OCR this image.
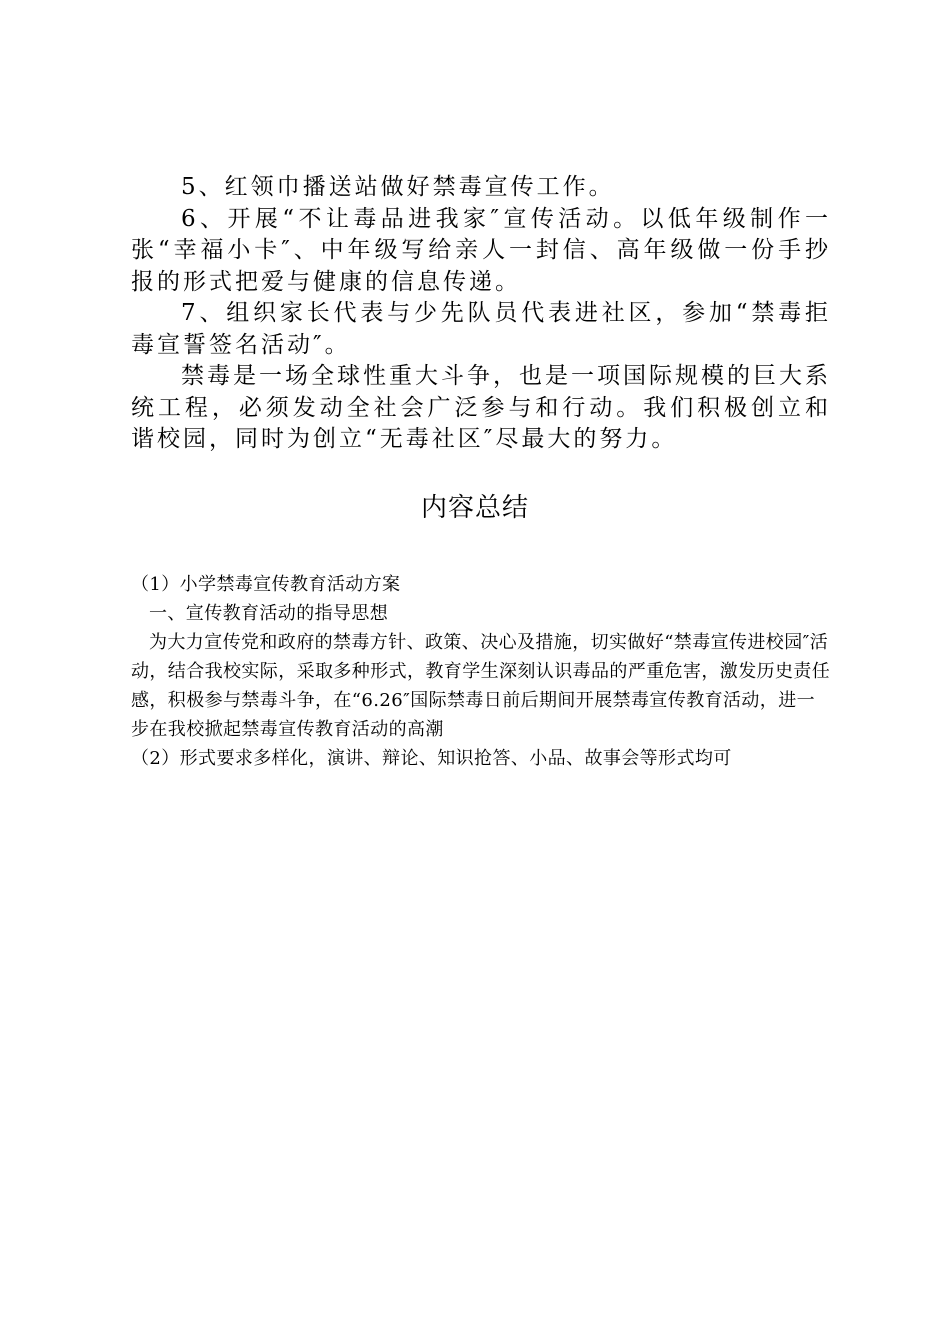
5、红领巾播送站做好禁毒宣传工作。

6、开展“不让毒品进我家″宣传活动。以低年级制作一张“幸福小卡″、中年级写给亲人一封信、高年级做一份手抄报的形式把爱与健康的信息传递。

7、组织家长代表与少先队员代表进社区，参加“禁毒拒毒宣誓签名活动″。

禁毒是一场全球性重大斗争，也是一项国际规模的巨大系统工程，必须发动全社会广泛参与和行动。我们积极创立和谐校园，同时为创立“无毒社区″尽最大的努力。

内容总结

（1）小学禁毒宣传教育活动方案

一、宣传教育活动的指导思想

为大力宣传党和政府的禁毒方针、政策、决心及措施，切实做好“禁毒宣传进校园″活动，结合我校实际，采取多种形式，教育学生深刻认识毒品的严重危害，激发历史责任感，积极参与禁毒斗争，在“6.26″国际禁毒日前后期间开展禁毒宣传教育活动，进一步在我校掀起禁毒宣传教育活动的高潮

（2）形式要求多样化，演讲、辩论、知识抢答、小品、故事会等形式均可
